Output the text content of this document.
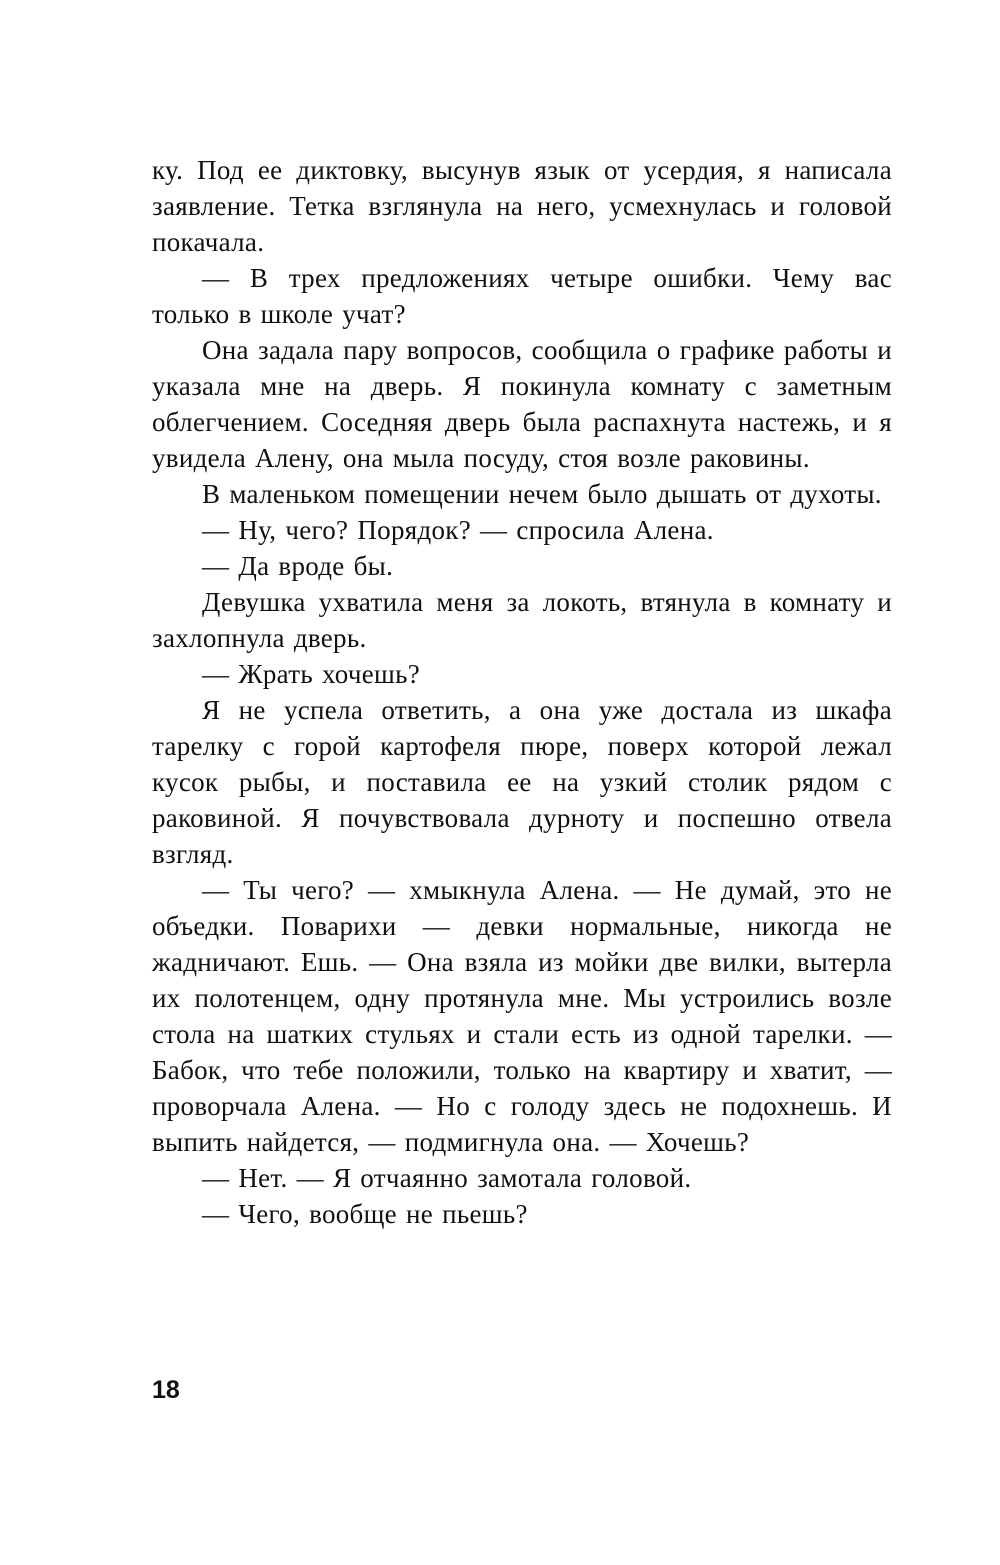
ку. Под ее диктовку, высунув язык от усердия, я написала заявление. Тетка взглянула на него, усмехнулась и головой покачала.

— В трех предложениях четыре ошибки. Чему вас только в школе учат?

Она задала пару вопросов, сообщила о графике работы и указала мне на дверь. Я покинула комнату с заметным облегчением. Соседняя дверь была распахнута настежь, и я увидела Алену, она мыла посуду, стоя возле раковины.

В маленьком помещении нечем было дышать от духоты.

— Ну, чего? Порядок? — спросила Алена.

— Да вроде бы.

Девушка ухватила меня за локоть, втянула в комнату и захлопнула дверь.

— Жрать хочешь?

Я не успела ответить, а она уже достала из шкафа тарелку с горой картофеля пюре, поверх которой лежал кусок рыбы, и поставила ее на узкий столик рядом с раковиной. Я почувствовала дурноту и поспешно отвела взгляд.

— Ты чего? — хмыкнула Алена. — Не думай, это не объедки. Поварихи — девки нормальные, никогда не жадничают. Ешь. — Она взяла из мойки две вилки, вытерла их полотенцем, одну протянула мне. Мы устроились возле стола на шатких стульях и стали есть из одной тарелки. — Бабок, что тебе положили, только на квартиру и хватит, — проворчала Алена. — Но с голоду здесь не подохнешь. И выпить найдется, — подмигнула она. — Хочешь?

— Нет. — Я отчаянно замотала головой.

— Чего, вообще не пьешь?

18
